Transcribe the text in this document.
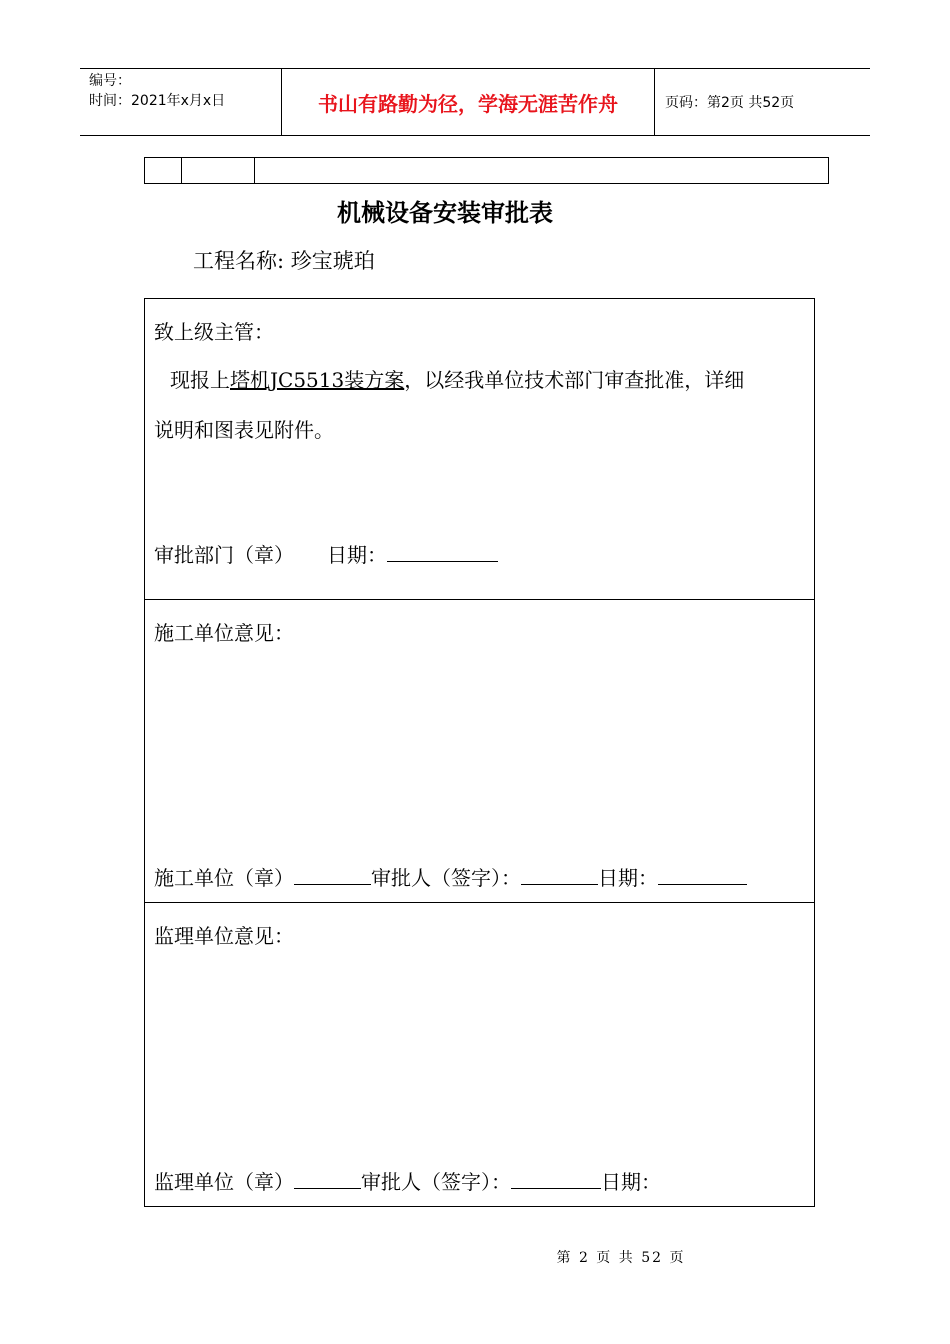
编号：
时间：2021年x月x日	书山有路勤为径，学海无涯苦作舟	页码：第2页 共52页
机械设备安装审批表
工程名称: 珍宝琥珀
致上级主管：
现报上塔机JC5513装方案，以经我单位技术部门审查批准，详细
说明和图表见附件。
审批部门（章） 日期：
施工单位意见：
施工单位（章）	审批人（签字）：	日期：
监理单位意见：
监理单位（章）	审批人（签字）：	日期：
第 2 页 共 52 页
